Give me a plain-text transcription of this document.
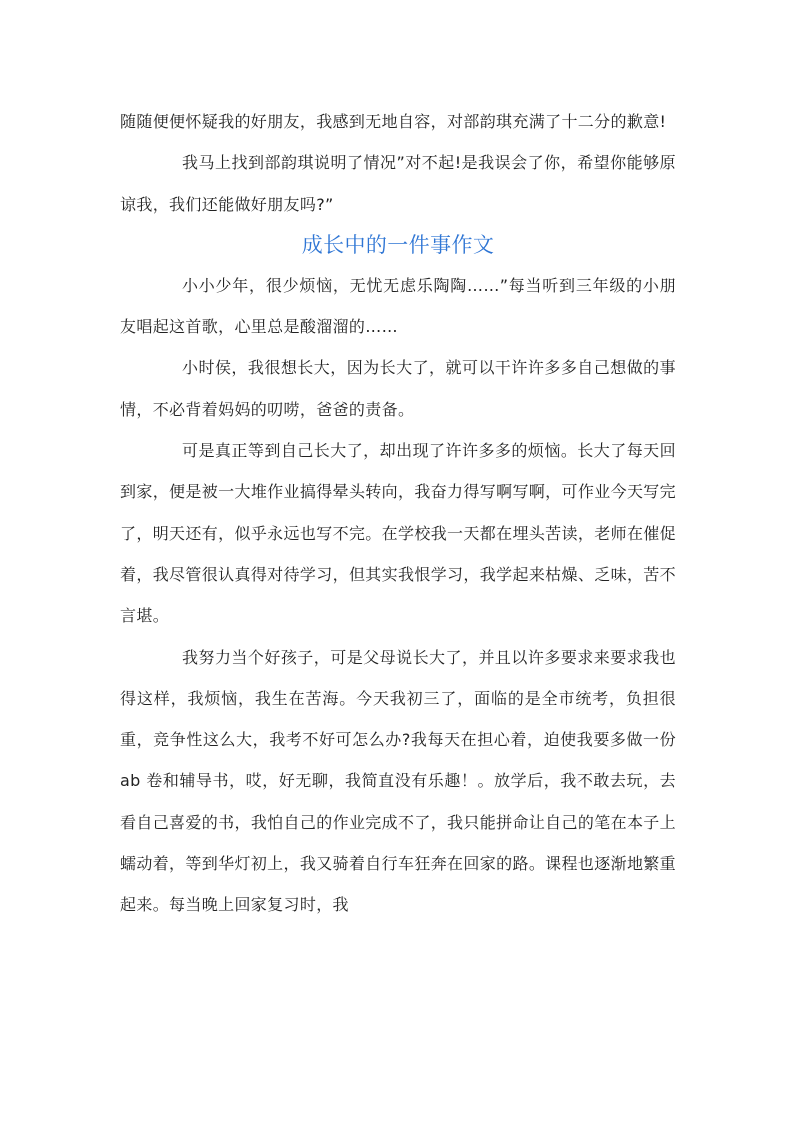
随随便便怀疑我的好朋友，我感到无地自容，对部韵琪充满了十二分的歉意!

我马上找到部韵琪说明了情况”对不起!是我误会了你，希望你能够原谅我，我们还能做好朋友吗?”

成长中的一件事作文

小小少年，很少烦恼，无忧无虑乐陶陶……”每当听到三年级的小朋友唱起这首歌，心里总是酸溜溜的……

小时侯，我很想长大，因为长大了，就可以干许许多多自己想做的事情，不必背着妈妈的叨唠，爸爸的责备。

可是真正等到自己长大了，却出现了许许多多的烦恼。长大了每天回到家，便是被一大堆作业搞得晕头转向，我奋力得写啊写啊，可作业今天写完了，明天还有，似乎永远也写不完。在学校我一天都在埋头苦读，老师在催促着，我尽管很认真得对待学习，但其实我恨学习，我学起来枯燥、乏味，苦不言堪。

我努力当个好孩子，可是父母说长大了，并且以许多要求来要求我也得这样，我烦恼，我生在苦海。今天我初三了，面临的是全市统考，负担很重，竞争性这么大，我考不好可怎么办?我每天在担心着，迫使我要多做一份 ab 卷和辅导书，哎，好无聊，我简直没有乐趣！。放学后，我不敢去玩，去看自己喜爱的书，我怕自己的作业完成不了，我只能拼命让自己的笔在本子上蠕动着，等到华灯初上，我又骑着自行车狂奔在回家的路。课程也逐渐地繁重起来。每当晚上回家复习时，我
